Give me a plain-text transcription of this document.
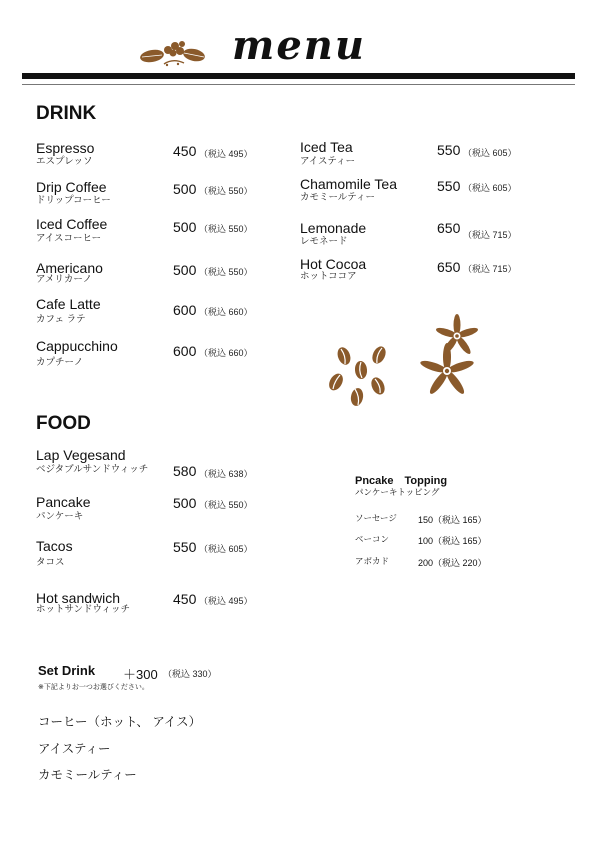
menu
DRINK
Espresso
エスプレッソ
450 （税込 495）
Drip Coffee
ドリップコーヒー
500 （税込 550）
Iced Coffee
アイスコーヒー
500 （税込 550）
Americano
アメリカーノ
500 （税込 550）
Cafe Latte
カフェ ラテ
600 （税込 660）
Cappucchino
カプチーノ
600 （税込 660）
Iced Tea
アイスティー
550 （税込 605）
Chamomile Tea
カモミールティー
550 （税込 605）
Lemonade
レモネード
650 （税込 715）
Hot Cocoa
ホットココア
650 （税込 715）
FOOD
Lap Vegesand
ベジタブルサンドウィッチ 580 （税込 638）
Pancake
パンケーキ
500 （税込 550）
Tacos
タコス
550 （税込 605）
Hot sandwich
ホットサンドウィッチ
450 （税込 495）
Pncake　Topping
パンケーキトッピング
ソーセージ 150（税込 165）
ベーコン	100（税込 165）
アボカド	200（税込 220）
Set Drink ＋300 （税込 330）
※下記よりお一つお選びください。
コーヒー（ホット、 アイス）
アイスティー
カモミールティー
